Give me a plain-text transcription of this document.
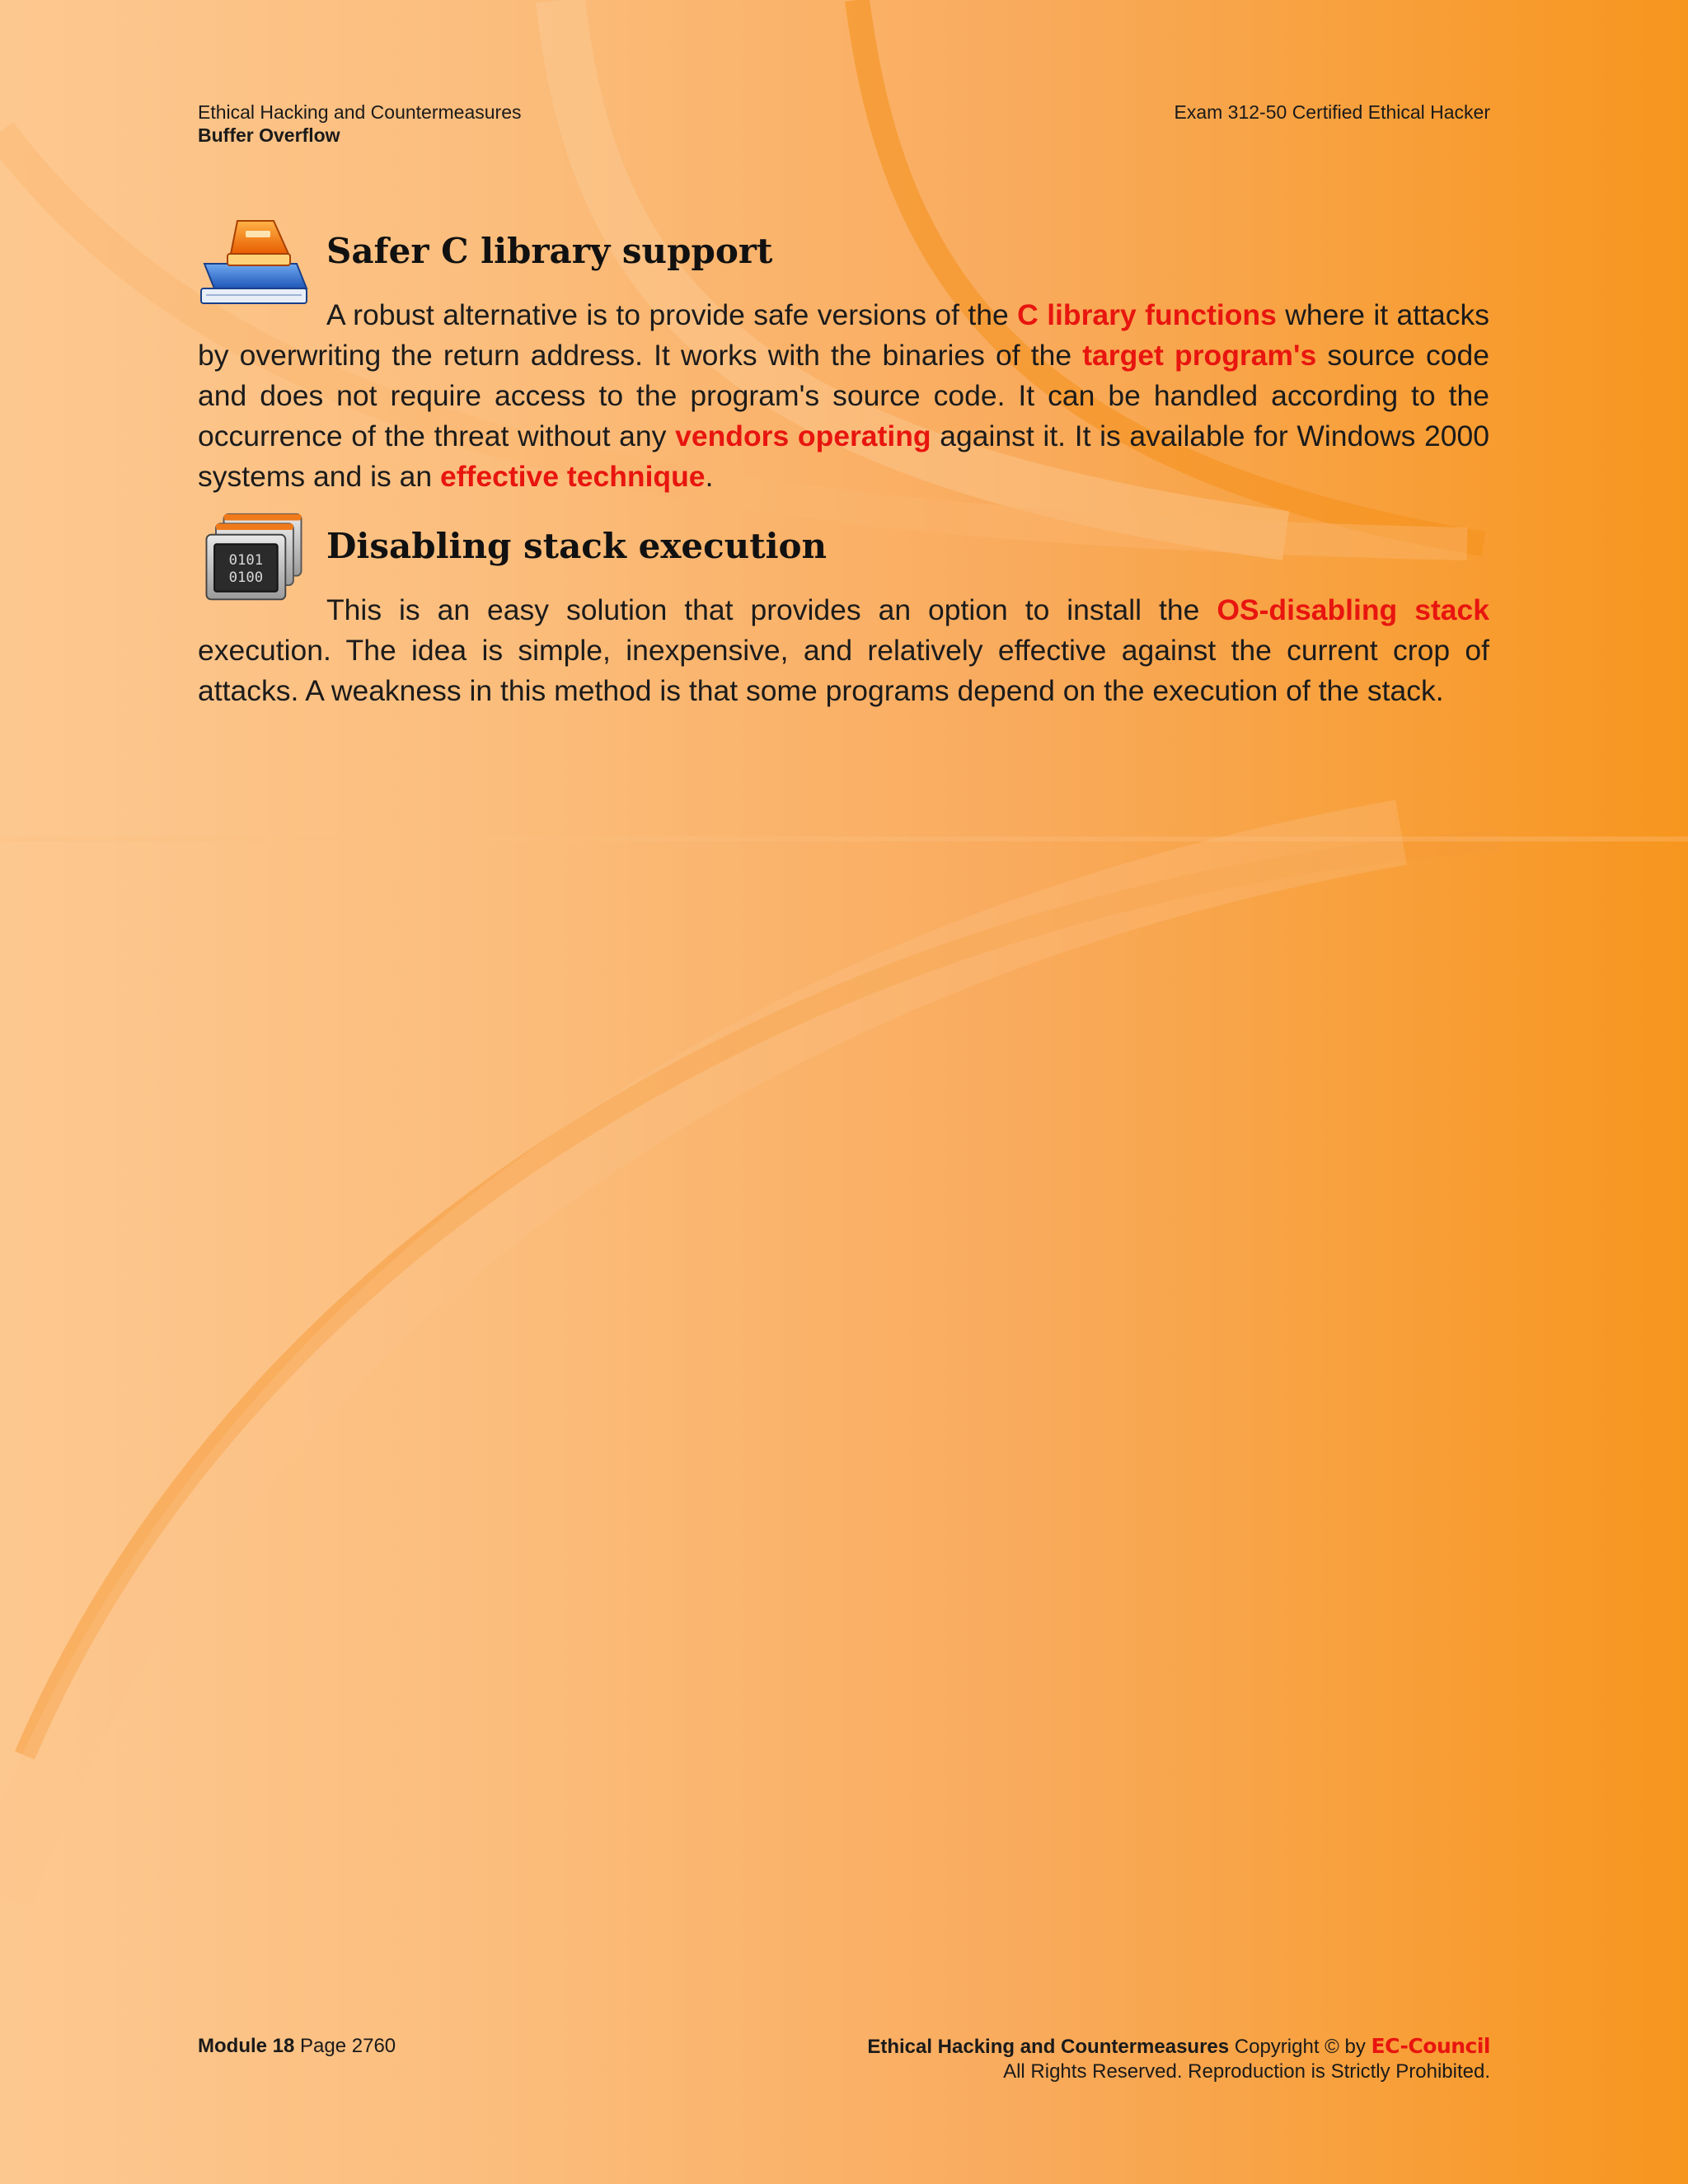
Ethical Hacking and Countermeasures
Buffer Overflow
Exam 312-50 Certified Ethical Hacker
Safer C library support
A robust alternative is to provide safe versions of the C library functions where it attacks by overwriting the return address. It works with the binaries of the target program's source code and does not require access to the program's source code. It can be handled according to the occurrence of the threat without any vendors operating against it. It is available for Windows 2000 systems and is an effective technique.
0101
0100
Disabling stack execution
This is an easy solution that provides an option to install the OS-disabling stack execution. The idea is simple, inexpensive, and relatively effective against the current crop of attacks. A weakness in this method is that some programs depend on the execution of the stack.
Module 18 Page 2760	Ethical Hacking and Countermeasures Copyright © by EC-Council
All Rights Reserved. Reproduction is Strictly Prohibited.
